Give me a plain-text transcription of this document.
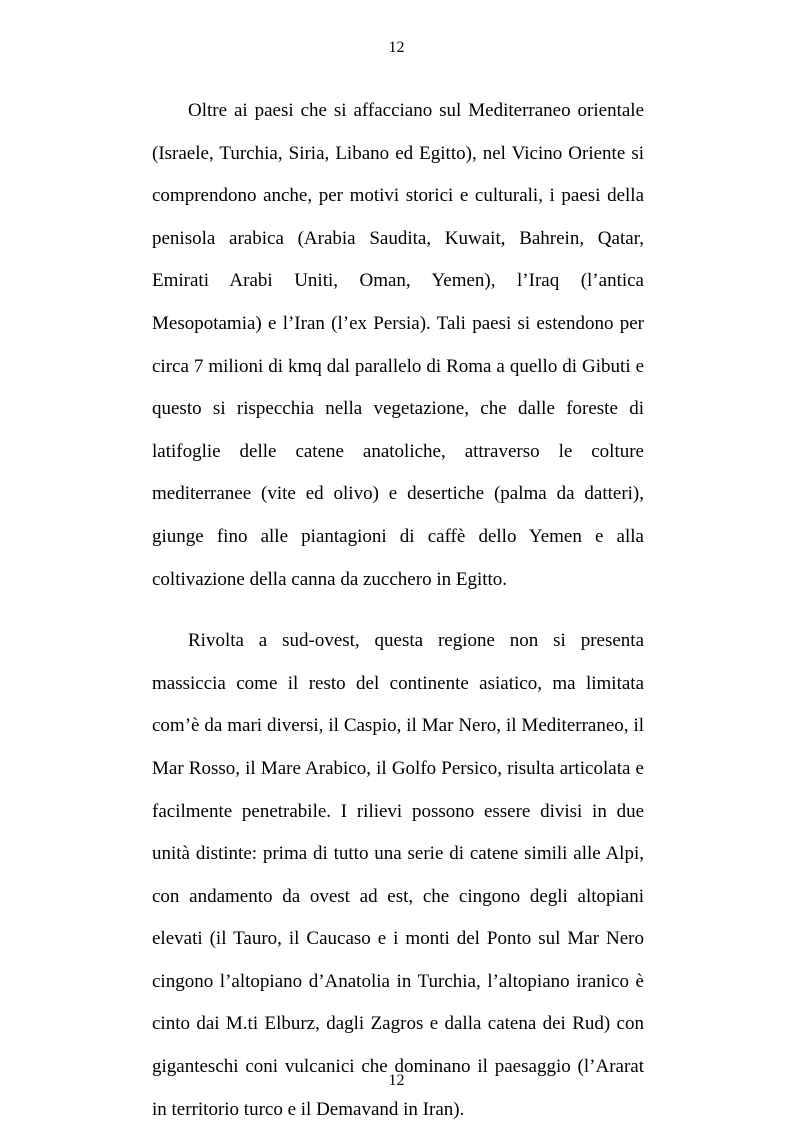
12

Oltre ai paesi che si affacciano sul Mediterraneo orientale (Israele, Turchia, Siria, Libano ed Egitto), nel Vicino Oriente si comprendono anche, per motivi storici e culturali, i paesi della penisola arabica (Arabia Saudita, Kuwait, Bahrein, Qatar, Emirati Arabi Uniti, Oman, Yemen), l’Iraq (l’antica Mesopotamia) e l’Iran (l’ex Persia). Tali paesi si estendono per circa 7 milioni di kmq dal parallelo di Roma a quello di Gibuti e questo si rispecchia nella vegetazione, che dalle foreste di latifoglie delle catene anatoliche, attraverso le colture mediterranee (vite ed olivo) e desertiche (palma da datteri), giunge fino alle piantagioni di caffè dello Yemen e alla coltivazione della canna da zucchero in Egitto.

Rivolta a sud-ovest, questa regione non si presenta massiccia come il resto del continente asiatico, ma limitata com’è da mari diversi, il Caspio, il Mar Nero, il Mediterraneo, il Mar Rosso, il Mare Arabico, il Golfo Persico, risulta articolata e facilmente penetrabile. I rilievi possono essere divisi in due unità distinte: prima di tutto una serie di catene simili alle Alpi, con andamento da ovest ad est, che cingono degli altopiani elevati (il Tauro, il Caucaso e i monti del Ponto sul Mar Nero cingono l’altopiano d’Anatolia in Turchia, l’altopiano iranico è cinto dai M.ti Elburz, dagli Zagros e dalla catena dei Rud) con giganteschi coni vulcanici che dominano il paesaggio (l’Ararat in territorio turco e il Demavand in Iran).

12
